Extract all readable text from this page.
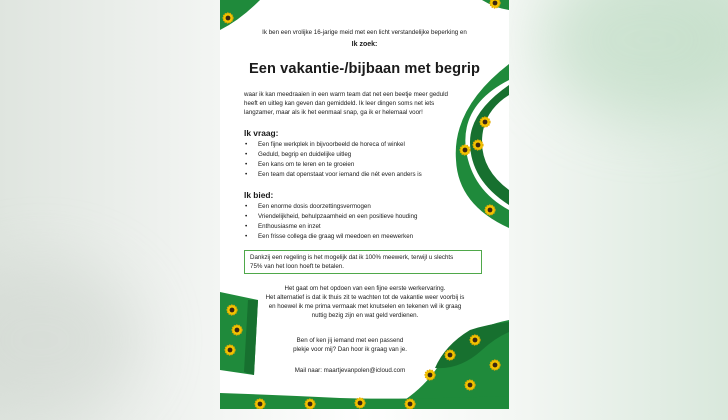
Ik ben een vrolijke 16-jarige meid met een licht verstandelijke beperking en
Ik zoek:
Een vakantie-/bijbaan met begrip
waar ik kan meedraaien in een warm team dat net een beetje meer geduld
heeft en uitleg kan geven dan gemiddeld. Ik leer dingen soms net iets
langzamer, maar als ik het eenmaal snap, ga ik er helemaal voor!
Ik vraag:
• Een fijne werkplek in bijvoorbeeld de horeca of winkel
• Geduld, begrip en duidelijke uitleg
• Een kans om te leren en te groeien
• Een team dat openstaat voor iemand die nét even anders is
Ik bied:
• Een enorme dosis doorzettingsvermogen
• Vriendelijkheid, behulpzaamheid en een positieve houding
• Enthousiasme en inzet
• Een frisse collega die graag wil meedoen en meewerken
Dankzij een regeling is het mogelijk dat ik 100% meewerk, terwijl u slechts
75% van het loon hoeft te betalen.
Het gaat om het opdoen van een fijne eerste werkervaring.
Het alternatief is dat ik thuis zit te wachten tot de vakantie weer voorbij is
en hoewel ik me prima vermaak met knutselen en tekenen wil ik graag
nuttig bezig zijn en wat geld verdienen.
Ben of ken jij iemand met een passend
plekje voor mij? Dan hoor ik graag van je.
Mail naar: maartjevanpolen@icloud.com
